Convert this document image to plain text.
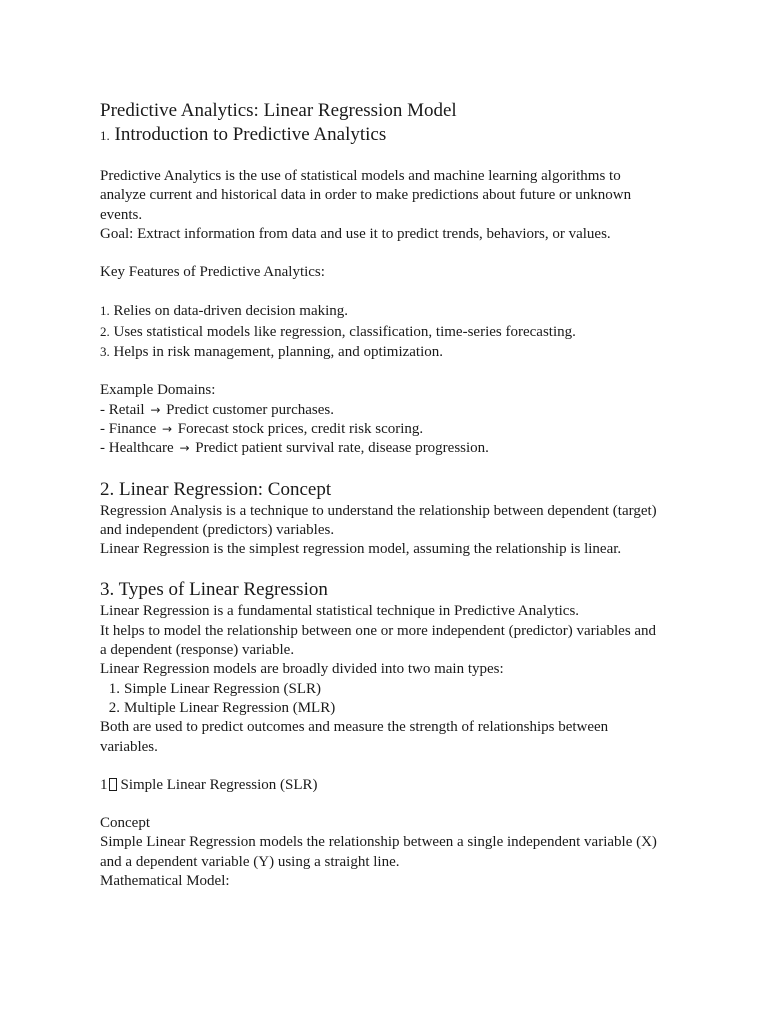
Predictive Analytics: Linear Regression Model
1. Introduction to Predictive Analytics

Predictive Analytics is the use of statistical models and machine learning algorithms to analyze current and historical data in order to make predictions about future or unknown events.

Goal: Extract information from data and use it to predict trends, behaviors, or values.

Key Features of Predictive Analytics:

1. Relies on data-driven decision making.

2. Uses statistical models like regression, classification, time-series forecasting.

3. Helps in risk management, planning, and optimization.

Example Domains:

- Retail → Predict customer purchases.

- Finance → Forecast stock prices, credit risk scoring.

- Healthcare → Predict patient survival rate, disease progression.

2. Linear Regression: Concept

Regression Analysis is a technique to understand the relationship between dependent (target) and independent (predictors) variables.

Linear Regression is the simplest regression model, assuming the relationship is linear.

3. Types of Linear Regression

Linear Regression is a fundamental statistical technique in Predictive Analytics.

It helps to model the relationship between one or more independent (predictor) variables and a dependent (response) variable.

Linear Regression models are broadly divided into two main types:

1. Simple Linear Regression (SLR)
2. Multiple Linear Regression (MLR)

Both are used to predict outcomes and measure the strength of relationships between variables.

1 Simple Linear Regression (SLR)

Concept

Simple Linear Regression models the relationship between a single independent variable (X) and a dependent variable (Y) using a straight line.

Mathematical Model:
